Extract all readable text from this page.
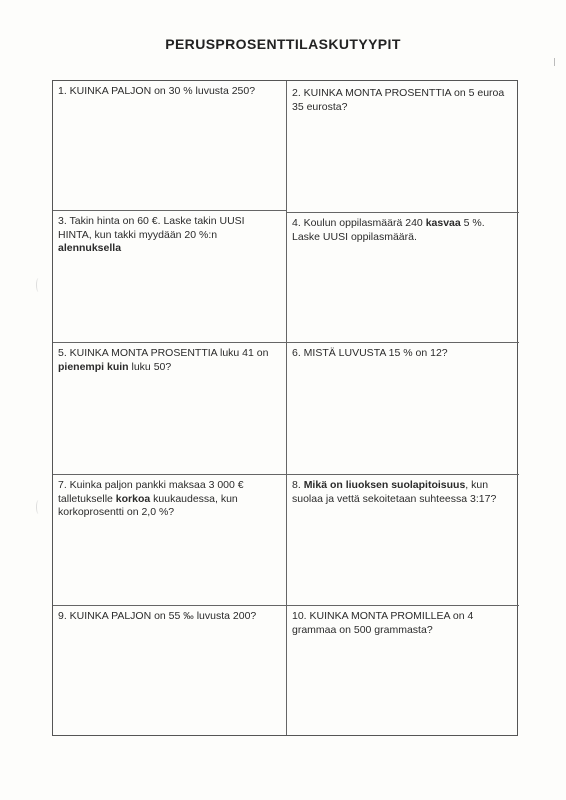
PERUSPROSENTTILASKUTYYPIT
1. KUINKA PALJON on 30 % luvusta 250?	2. KUINKA MONTA PROSENTTIA on 5 euroa 35 eurosta?
3. Takin hinta on 60 €. Laske takin UUSI HINTA, kun takki myydään 20 %:n alennuksella
4. Koulun oppilasmäärä 240 kasvaa 5 %. Laske UUSI oppilasmäärä.
5. KUINKA MONTA PROSENTTIA luku 41 on pienempi kuin luku 50?
6. MISTÄ LUVUSTA 15 % on 12?
7. Kuinka paljon pankki maksaa 3 000 € talletukselle korkoa kuukaudessa, kun korkoprosentti on 2,0 %?
8. Mikä on liuoksen suolapitoisuus, kun suolaa ja vettä sekoitetaan suhteessa 3:17?
9. KUINKA PALJON on 55 ‰ luvusta 200?	10. KUINKA MONTA PROMILLEA on 4 grammaa on 500 grammasta?
